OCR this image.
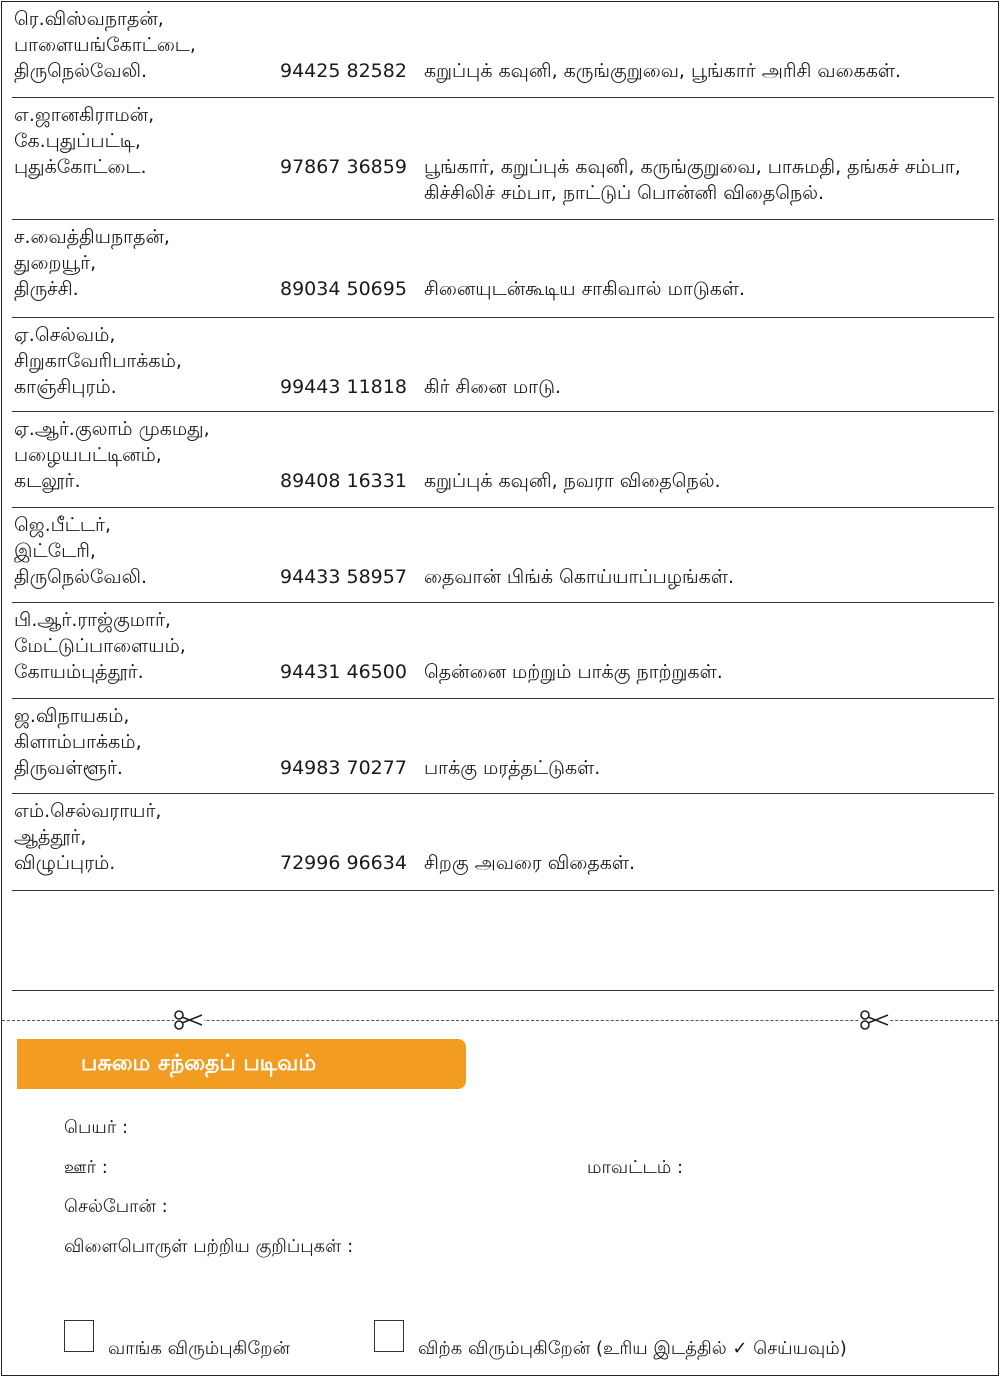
ரெ.விஸ்வநாதன்,
பாளையங்கோட்டை,
திருநெல்வேலி.	94425 82582 கறுப்புக் கவுனி, கருங்குறுவை, பூங்கார் அரிசி வகைகள்.
எ.ஜானகிராமன்,
கே.புதுப்பட்டி,
புதுக்கோட்டை.	97867 36859 பூங்கார், கறுப்புக் கவுனி, கருங்குறுவை, பாசுமதி, தங்கச் சம்பா,
கிச்சிலிச் சம்பா, நாட்டுப் பொன்னி விதைநெல்.
ச.வைத்தியநாதன்,
துறையூர்,
திருச்சி.	89034 50695 சினையுடன்கூடிய சாகிவால் மாடுகள்.
ஏ.செல்வம்,
சிறுகாவேரிபாக்கம்,
காஞ்சிபுரம்.	99443 11818 கிர் சினை மாடு.
ஏ.ஆர்.குலாம் முகமது,
பழையபட்டினம்,
கடலூர்.	89408 16331 கறுப்புக் கவுனி, நவரா விதைநெல்.
ஜெ.பீட்டர்,
இட்டேரி,
திருநெல்வேலி.	94433 58957 தைவான் பிங்க் கொய்யாப்பழங்கள்.
பி.ஆர்.ராஜ்குமார்,
மேட்டுப்பாளையம்,
கோயம்புத்தூர்.	94431 46500 தென்னை மற்றும் பாக்கு நாற்றுகள்.
ஜ.விநாயகம்,
கிளாம்பாக்கம்,
திருவள்ளூர்.	94983 70277 பாக்கு மரத்தட்டுகள்.
எம்.செல்வராயர்,
ஆத்தூர்,
விழுப்புரம்.	72996 96634 சிறகு அவரை விதைகள்.
பசுமை சந்தைப் படிவம்
பெயர் :
ஊர் :	மாவட்டம் :
செல்போன் :
விளைபொருள் பற்றிய குறிப்புகள் :
வாங்க விரும்புகிறேன்	விற்க விரும்புகிறேன் (உரிய இடத்தில் ✓ செய்யவும்)
